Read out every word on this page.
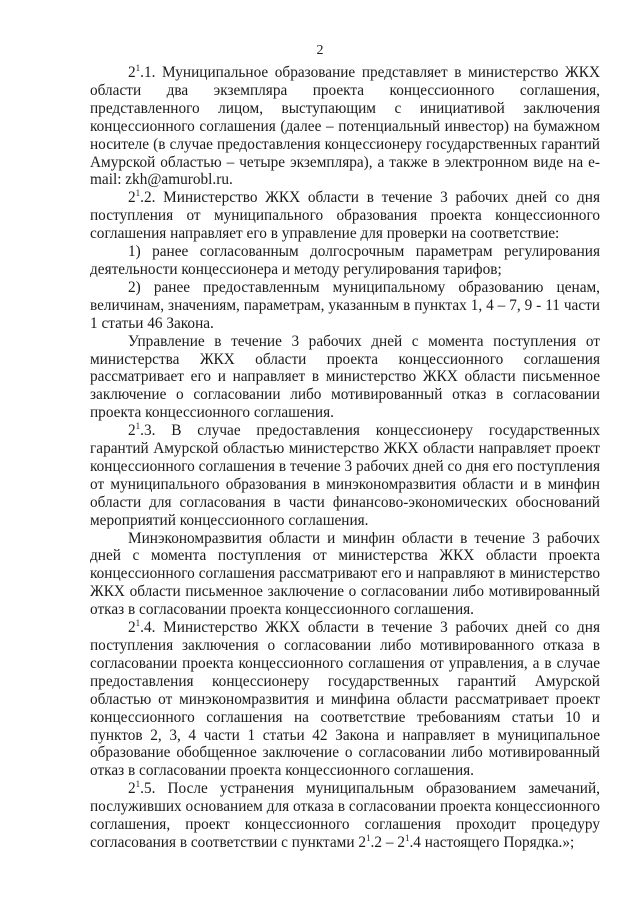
2

$2^1.1$. Муниципальное образование представляет в министерство ЖКХ области два экземпляра проекта концессионного соглашения, представленного лицом, выступающим с инициативой заключения концессионного соглашения (далее – потенциальный инвестор) на бумажном носителе (в случае предоставления концессионеру государственных гарантий Амурской областью – четыре экземпляра), а также в электронном виде на e-mail: zkh@amurobl.ru.

$2^1.2$. Министерство ЖКХ области в течение 3 рабочих дней со дня поступления от муниципального образования проекта концессионного соглашения направляет его в управление для проверки на соответствие:

1) ранее согласованным долгосрочным параметрам регулирования деятельности концессионера и методу регулирования тарифов;

2) ранее предоставленным муниципальному образованию ценам, величинам, значениям, параметрам, указанным в пунктах 1, 4 – 7, 9 - 11 части 1 статьи 46 Закона.

Управление в течение 3 рабочих дней с момента поступления от министерства ЖКХ области проекта концессионного соглашения рассматривает его и направляет в министерство ЖКХ области письменное заключение о согласовании либо мотивированный отказ в согласовании проекта концессионного соглашения.

$2^1.3$. В случае предоставления концессионеру государственных гарантий Амурской областью министерство ЖКХ области направляет проект концессионного соглашения в течение 3 рабочих дней со дня его поступления от муниципального образования в минэкономразвития области и в минфин области для согласования в части финансово-экономических обоснований мероприятий концессионного соглашения.

Минэкономразвития области и минфин области в течение 3 рабочих дней с момента поступления от министерства ЖКХ области проекта концессионного соглашения рассматривают его и направляют в министерство ЖКХ области письменное заключение о согласовании либо мотивированный отказ в согласовании проекта концессионного соглашения.

$2^1.4$. Министерство ЖКХ области в течение 3 рабочих дней со дня поступления заключения о согласовании либо мотивированного отказа в согласовании проекта концессионного соглашения от управления, а в случае предоставления концессионеру государственных гарантий Амурской областью от минэкономразвития и минфина области рассматривает проект концессионного соглашения на соответствие требованиям статьи 10 и пунктов 2, 3, 4 части 1 статьи 42 Закона и направляет в муниципальное образование обобщенное заключение о согласовании либо мотивированный отказ в согласовании проекта концессионного соглашения.

$2^1.5$. После устранения муниципальным образованием замечаний, послуживших основанием для отказа в согласовании проекта концессионного соглашения, проект концессионного соглашения проходит процедуру согласования в соответствии с пунктами $2^1.2 - 2^1.4$ настоящего Порядка.»;
